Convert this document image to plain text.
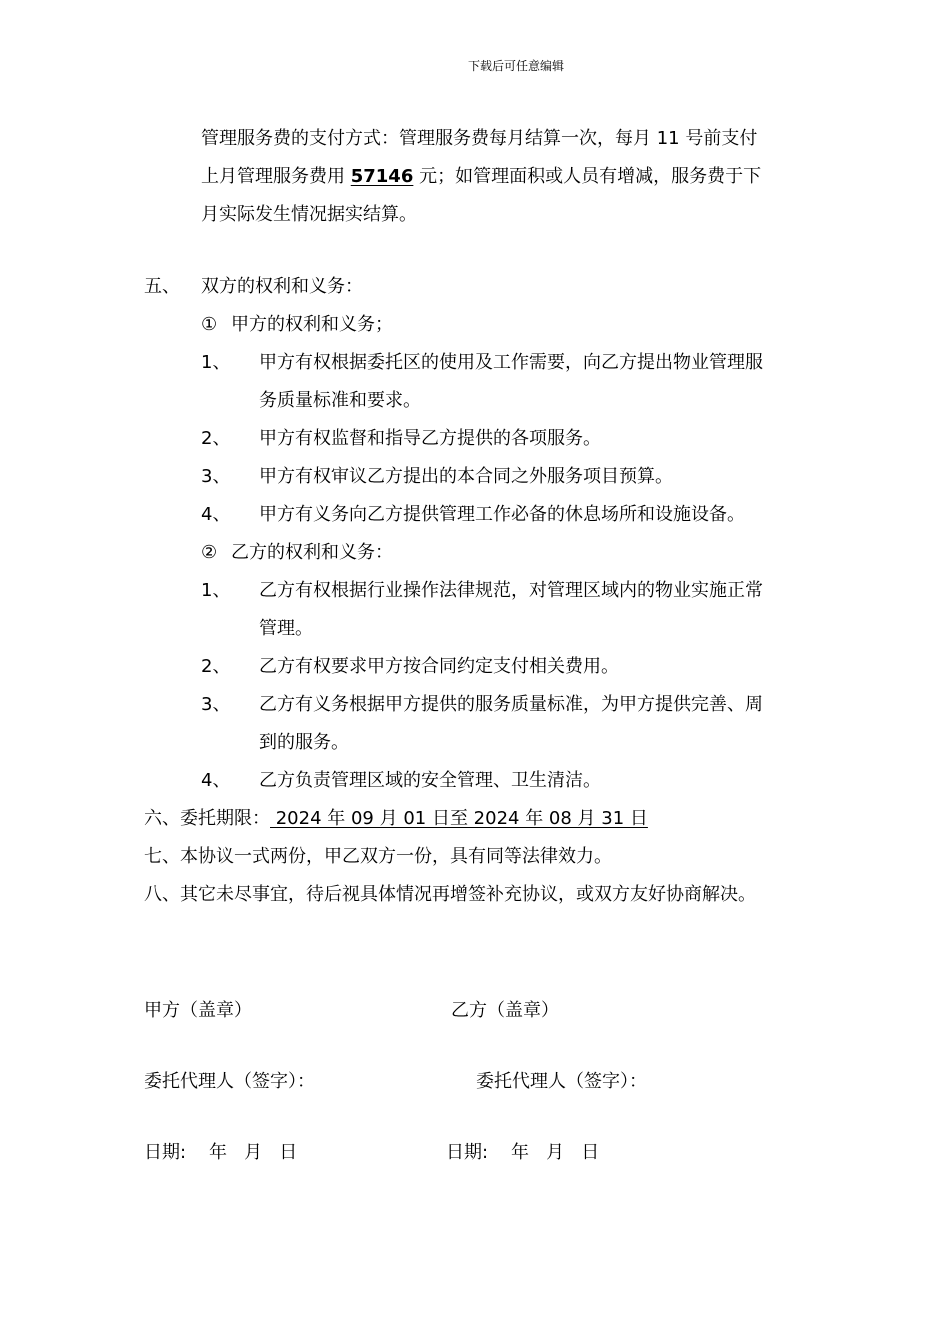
下载后可任意编辑
管理服务费的支付方式：管理服务费每月结算一次，每月 11 号前支付
上月管理服务费用 57146 元；如管理面积或人员有增减，服务费于下
月实际发生情况据实结算。
五、 双方的权利和义务：
① 甲方的权利和义务；
1、 甲方有权根据委托区的使用及工作需要，向乙方提出物业管理服
务质量标准和要求。
2、 甲方有权监督和指导乙方提供的各项服务。
3、 甲方有权审议乙方提出的本合同之外服务项目预算。
4、 甲方有义务向乙方提供管理工作必备的休息场所和设施设备。
② 乙方的权利和义务：
1、 乙方有权根据行业操作法律规范，对管理区域内的物业实施正常
管理。
2、 乙方有权要求甲方按合同约定支付相关费用。
3、 乙方有义务根据甲方提供的服务质量标准，为甲方提供完善、周
到的服务。
4、 乙方负责管理区域的安全管理、卫生清洁。
六、委托期限： 2024 年 09 月 01 日至 2024 年 08 月 31 日
七、本协议一式两份，甲乙双方一份，具有同等法律效力。
八、其它未尽事宜，待后视具体情况再增签补充协议，或双方友好协商解决。
甲方（盖章）	乙方（盖章）
委托代理人（签字）：	委托代理人（签字）：
日期:    年   月   日	日期:    年   月   日
